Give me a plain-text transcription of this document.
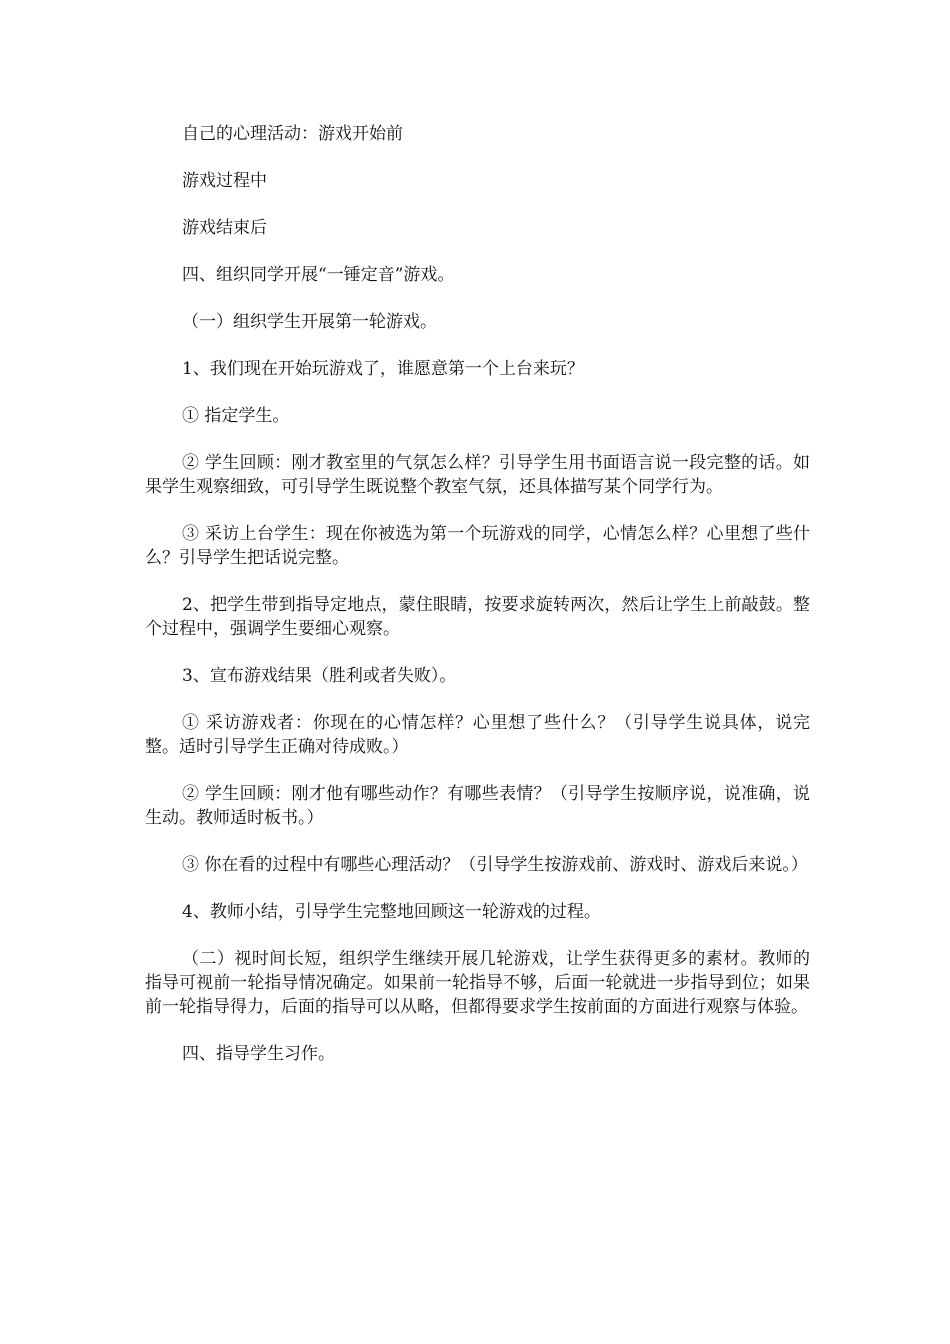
自己的心理活动：游戏开始前

游戏过程中

游戏结束后

四、组织同学开展“一锤定音”游戏。

（一）组织学生开展第一轮游戏。

1、我们现在开始玩游戏了，谁愿意第一个上台来玩？

① 指定学生。

② 学生回顾：刚才教室里的气氛怎么样？引导学生用书面语言说一段完整的话。如果学生观察细致，可引导学生既说整个教室气氛，还具体描写某个同学行为。

③ 采访上台学生：现在你被选为第一个玩游戏的同学，心情怎么样？心里想了些什么？引导学生把话说完整。

2、把学生带到指导定地点，蒙住眼睛，按要求旋转两次，然后让学生上前敲鼓。整个过程中，强调学生要细心观察。

3、宣布游戏结果（胜利或者失败）。

① 采访游戏者：你现在的心情怎样？心里想了些什么？（引导学生说具体，说完整。适时引导学生正确对待成败。）

② 学生回顾：刚才他有哪些动作？有哪些表情？（引导学生按顺序说，说准确，说生动。教师适时板书。）

③ 你在看的过程中有哪些心理活动？（引导学生按游戏前、游戏时、游戏后来说。）

4、教师小结，引导学生完整地回顾这一轮游戏的过程。

（二）视时间长短，组织学生继续开展几轮游戏，让学生获得更多的素材。教师的指导可视前一轮指导情况确定。如果前一轮指导不够，后面一轮就进一步指导到位；如果前一轮指导得力，后面的指导可以从略，但都得要求学生按前面的方面进行观察与体验。

四、指导学生习作。
